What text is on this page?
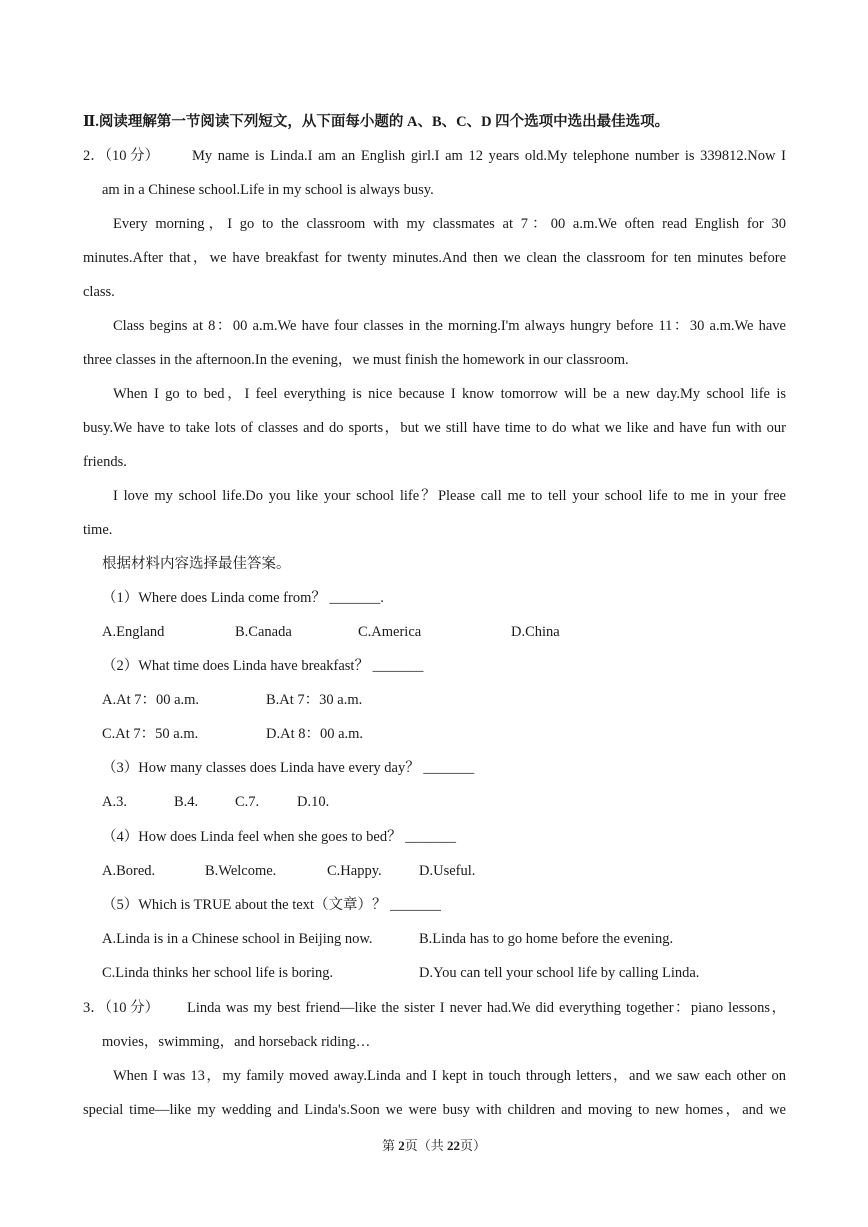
Ⅱ.阅读理解第一节阅读下列短文，从下面每小题的 A、B、C、D 四个选项中选出最佳选项。
2．（10 分） My name is Linda.I am an English girl.I am 12 years old.My telephone number is 339812.Now I
am in a Chinese school.Life in my school is always busy.
Every morning，I go to the classroom with my classmates at 7：00 a.m.We often read English for 30
minutes.After that，we have breakfast for twenty minutes.And then we clean the classroom for ten minutes before
class.
Class begins at 8：00 a.m.We have four classes in the morning.I'm always hungry before 11：30 a.m.We have
three classes in the afternoon.In the evening，we must finish the homework in our classroom.
When I go to bed，I feel everything is nice because I know tomorrow will be a new day.My school life is
busy.We have to take lots of classes and do sports，but we still have time to do what we like and have fun with our
friends.
I love my school life.Do you like your school life？Please call me to tell your school life to me in your free
time.
根据材料内容选择最佳答案。
（1）Where does Linda come from？ _______.
A.England	B.Canada	C.America	D.China
（2）What time does Linda have breakfast？ _______
A.At 7：00 a.m.	B.At 7：30 a.m.
C.At 7：50 a.m.	D.At 8：00 a.m.
（3）How many classes does Linda have every day？ _______
A.3.	B.4.	C.7.	D.10.
（4）How does Linda feel when she goes to bed？ _______
A.Bored.	B.Welcome.	C.Happy.	D.Useful.
（5）Which is TRUE about the text（文章）？ _______
A.Linda is in a Chinese school in Beijing now.	B.Linda has to go home before the evening.
C.Linda thinks her school life is boring.	D.You can tell your school life by calling Linda.
3．（10 分） Linda was my best friend—like the sister I never had.We did everything together：piano lessons，
movies，swimming，and horseback riding…
When I was 13，my family moved away.Linda and I kept in touch through letters，and we saw each other on
special time—like my wedding and Linda's.Soon we were busy with children and moving to new homes，and we
第 2页（共 22页）
